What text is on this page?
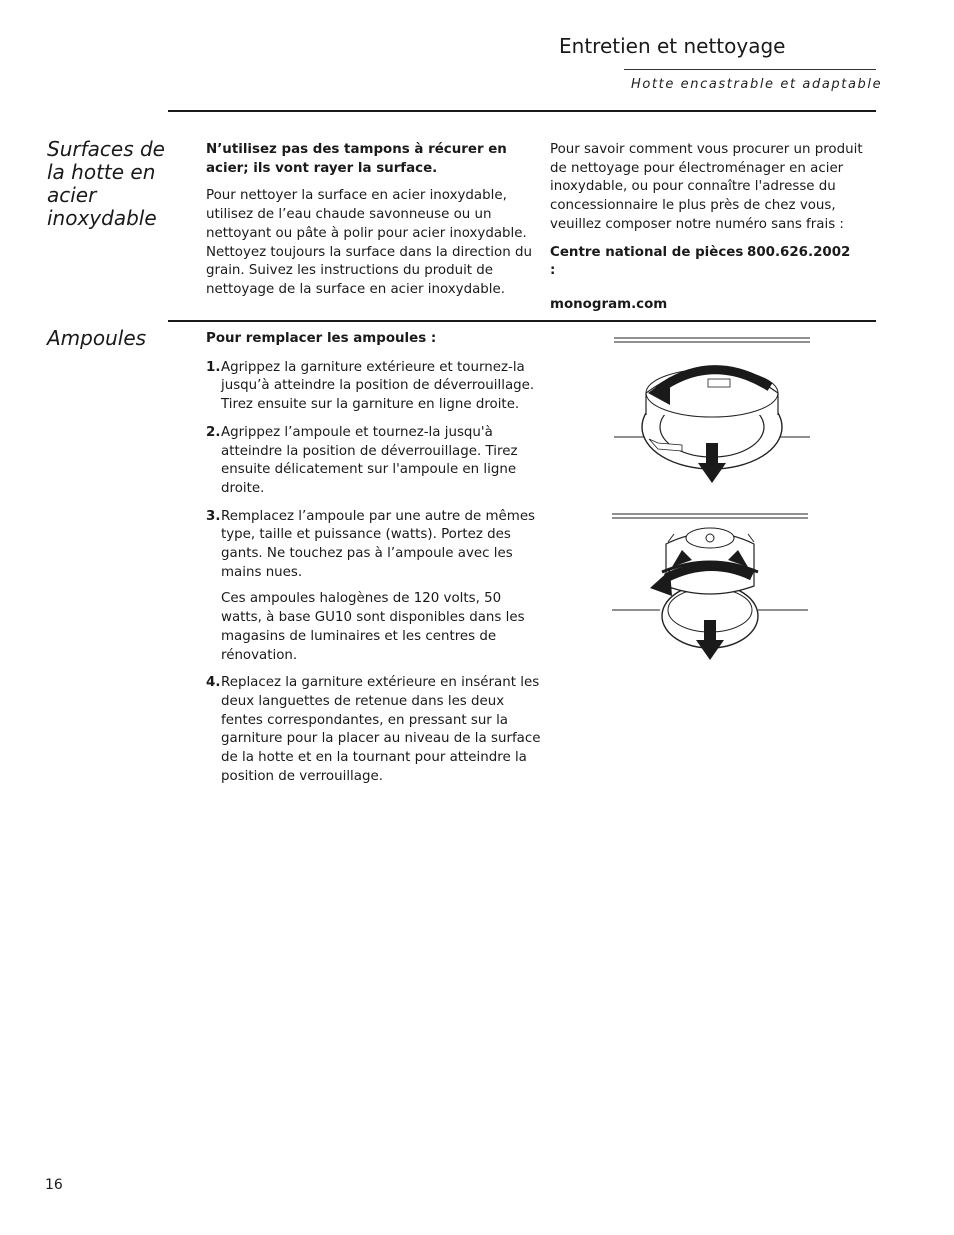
Entretien et nettoyage
Hotte encastrable et adaptable
Surfaces de la hotte en acier inoxydable

N’utilisez pas des tampons à récurer en acier; ils vont rayer la surface.

Pour nettoyer la surface en acier inoxydable, utilisez de l’eau chaude savonneuse ou un nettoyant ou pâte à polir pour acier inoxydable. Nettoyez toujours la surface dans la direction du grain. Suivez les instructions du produit de nettoyage de la surface en acier inoxydable.

Pour savoir comment vous procurer un produit de nettoyage pour électroménager en acier inoxydable, ou pour connaître l'adresse du concessionnaire le plus près de chez vous, veuillez composer notre numéro sans frais :

Centre national de pièces :
800.626.2002

monogram.com

Ampoules	Pour remplacer les ampoules :

1. Agrippez la garniture extérieure et tournez-la jusqu’à atteindre la position de déverrouillage. Tirez ensuite sur la garniture en ligne droite.
2. Agrippez l’ampoule et tournez-la jusqu'à atteindre la position de déverrouillage. Tirez ensuite délicatement sur l'ampoule en ligne droite.
3. Remplacez l’ampoule par une autre de mêmes type, taille et puissance (watts). Portez des gants. Ne touchez pas à l’ampoule avec les mains nues.
Ces ampoules halogènes de 120 volts, 50 watts, à base GU10 sont disponibles dans les magasins de luminaires et les centres de rénovation.
4. Replacez la garniture extérieure en insérant les deux languettes de retenue dans les deux fentes correspondantes, en pressant sur la garniture pour la placer au niveau de la surface de la hotte et en la tournant pour atteindre la position de verrouillage.
16
